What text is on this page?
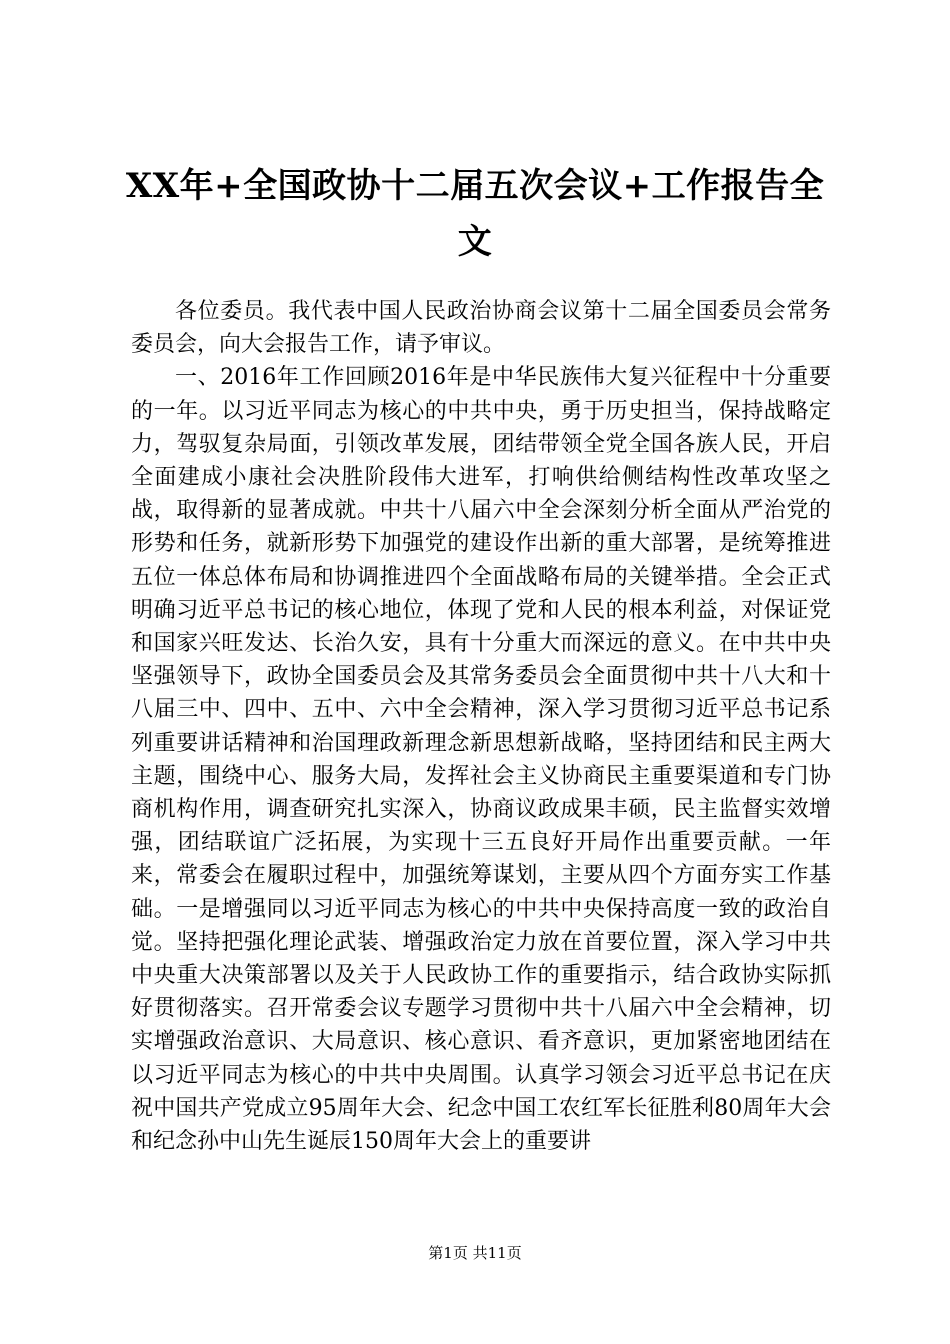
XX年+全国政协十二届五次会议+工作报告全文

各位委员。我代表中国人民政治协商会议第十二届全国委员会常务委员会，向大会报告工作，请予审议。

一、2016年工作回顾2016年是中华民族伟大复兴征程中十分重要的一年。以习近平同志为核心的中共中央，勇于历史担当，保持战略定力，驾驭复杂局面，引领改革发展，团结带领全党全国各族人民，开启全面建成小康社会决胜阶段伟大进军，打响供给侧结构性改革攻坚之战，取得新的显著成就。中共十八届六中全会深刻分析全面从严治党的形势和任务，就新形势下加强党的建设作出新的重大部署，是统筹推进五位一体总体布局和协调推进四个全面战略布局的关键举措。全会正式明确习近平总书记的核心地位，体现了党和人民的根本利益，对保证党和国家兴旺发达、长治久安，具有十分重大而深远的意义。在中共中央坚强领导下，政协全国委员会及其常务委员会全面贯彻中共十八大和十八届三中、四中、五中、六中全会精神，深入学习贯彻习近平总书记系列重要讲话精神和治国理政新理念新思想新战略，坚持团结和民主两大主题，围绕中心、服务大局，发挥社会主义协商民主重要渠道和专门协商机构作用，调查研究扎实深入，协商议政成果丰硕，民主监督实效增强，团结联谊广泛拓展，为实现十三五良好开局作出重要贡献。一年来，常委会在履职过程中，加强统筹谋划，主要从四个方面夯实工作基础。一是增强同以习近平同志为核心的中共中央保持高度一致的政治自觉。坚持把强化理论武装、增强政治定力放在首要位置，深入学习中共中央重大决策部署以及关于人民政协工作的重要指示，结合政协实际抓好贯彻落实。召开常委会议专题学习贯彻中共十八届六中全会精神，切实增强政治意识、大局意识、核心意识、看齐意识，更加紧密地团结在以习近平同志为核心的中共中央周围。认真学习领会习近平总书记在庆祝中国共产党成立95周年大会、纪念中国工农红军长征胜利80周年大会和纪念孙中山先生诞辰150周年大会上的重要讲

第1页 共11页
